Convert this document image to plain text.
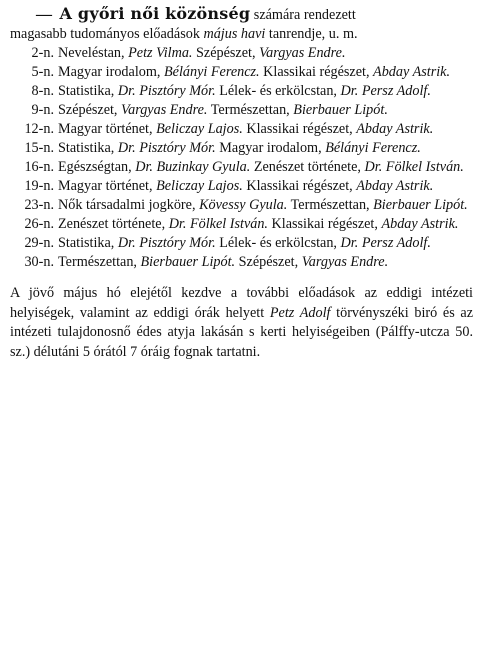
— A győri női közönség számára rendezett
magasabb tudományos előadások május havi tanrendje, u. m.
2-n. Neveléstan, Petz Vilma. Szépészet, Vargyas Endre.
5-n. Magyar irodalom, Bélányi Ferencz. Klassikai régészet, Abday Astrik.
8-n. Statistika, Dr. Pisztóry Mór. Lélek- és erkölcstan, Dr. Persz Adolf.
9-n. Szépészet, Vargyas Endre. Természettan, Bierbauer Lipót.
12-n. Magyar történet, Beliczay Lajos. Klassikai régészet, Abday Astrik.
15-n. Statistika, Dr. Pisztóry Mór. Magyar irodalom, Bélányi Ferencz.
16-n. Egészségtan, Dr. Buzinkay Gyula. Zenészet története, Dr. Fölkel István.
19-n. Magyar történet, Beliczay Lajos. Klassikai régészet, Abday Astrik.
23-n. Nők társadalmi jogköre, Kövessy Gyula. Természettan, Bierbauer Lipót.
26-n. Zenészet története, Dr. Fölkel István. Klassikai régészet, Abday Astrik.
29-n. Statistika, Dr. Pisztóry Mór. Lélek- és erkölcstan, Dr. Persz Adolf.
30-n. Természettan, Bierbauer Lipót. Szépészet, Vargyas Endre.

A jövő május hó elejétől kezdve a további előadások az eddigi intézeti helyiségek, valamint az eddigi órák helyett Petz Adolf törvényszéki biró és az intézeti tulajdonosnő édes atyja lakásán s kerti helyiségeiben (Pálffy-utcza 50. sz.) délutáni 5 órától 7 óráig fognak tartatni.
